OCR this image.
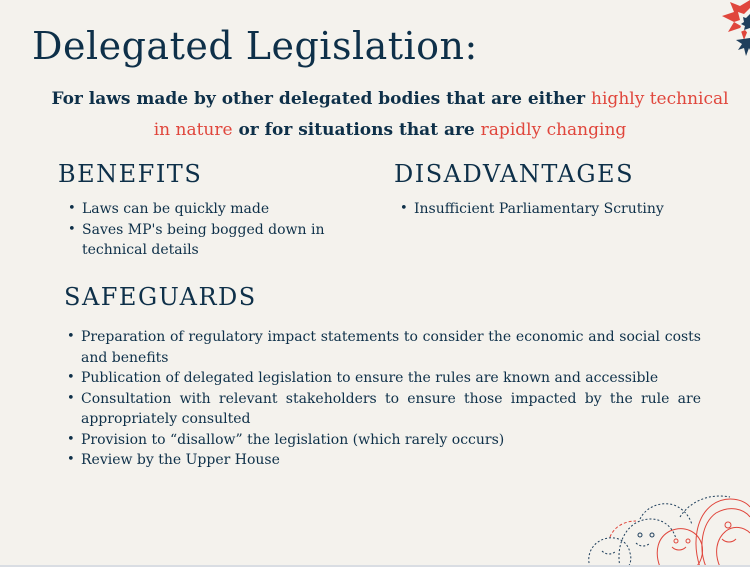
Delegated Legislation:

For laws made by other delegated bodies that are either highly technical in nature or for situations that are rapidly changing

BENEFITS
• Laws can be quickly made
• Saves MP's being bogged down in technical details
DISADVANTAGES
• Insufficient Parliamentary Scrutiny
SAFEGUARDS
• Preparation of regulatory impact statements to consider the economic and social costs and benefits
• Publication of delegated legislation to ensure the rules are known and accessible
• Consultation with relevant stakeholders to ensure those impacted by the rule are appropriately consulted
• Provision to “disallow” the legislation (which rarely occurs)
• Review by the Upper House
